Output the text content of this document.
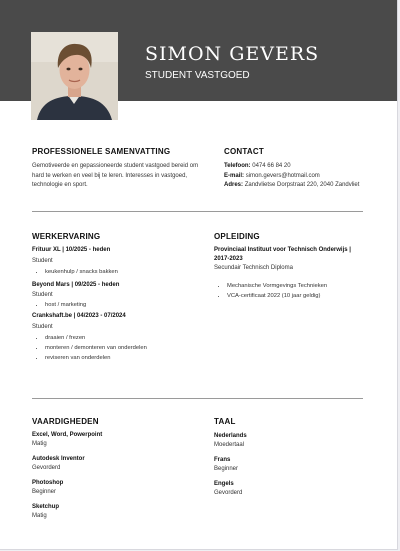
SIMON GEVERS
STUDENT VASTGOED
PROFESSIONELE SAMENVATTING
Gemotiveerde en gepassioneerde student vastgoed bereid om hard te werken en veel bij te leren. Interesses in vastgoed, technologie en sport.
CONTACT
Telefoon: 0474 66 84 20
E-mail: simon.gevers@hotmail.com
Adres: Zandvlietse Dorpstraat 220, 2040 Zandvliet
WERKERVARING
Frituur XL | 10/2025 - heden
Student
• keukenhulp / snacks bakken
Beyond Mars | 09/2025 - heden
Student
• host / marketing
Crankshaft.be | 04/2023 - 07/2024
Student
• draaien / frezen
• monteren / demonteren van onderdelen
• reviseren van onderdelen
OPLEIDING
Provinciaal Instituut voor Technisch Onderwijs |
2017-2023
Secundair Technisch Diploma
• Mechanische Vormgevings Technieken
• VCA-certificaat 2022 (10 jaar geldig)
VAARDIGHEDEN
Excel, Word, Powerpoint
Matig
Autodesk Inventor
Gevorderd
Photoshop
Beginner
Sketchup
Matig
TAAL
Nederlands
Moedertaal
Frans
Beginner
Engels
Gevorderd
